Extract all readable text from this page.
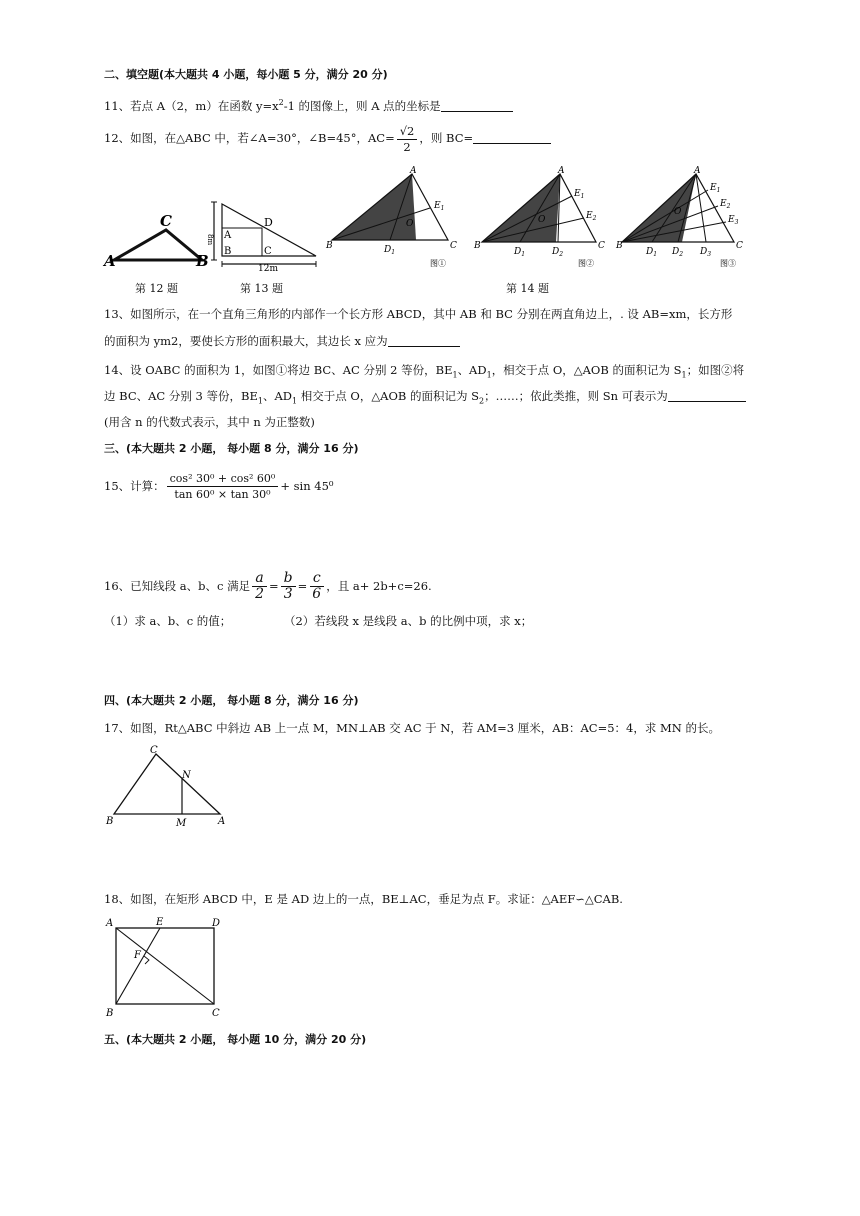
二、填空题(本大题共 4 小题，每小题 5 分，满分 20 分)
11、若点 A（2，m）在函数 $y=x^2-1$ 的图像上，则 A 点的坐标是
12、如图，在△ABC 中，若∠A=30°，∠B=45°，$AC= \frac{√2}{2}$ ，则 BC=
A
C
B
第 12 题
D
A
B	C
8m
12m
第 13 题
A
B	C
O
$E_1$
$D_1$
图①
A
B	C
O
$E_1$
$E_2$
$D_1$	$D_2$
图②
第 14 题
A
B	C
O
$E_1$
$E_2$
$E_3$
$D_1$ $D_2$ $D_3$
图③
13、如图所示，在一个直角三角形的内部作一个长方形 ABCD，其中 AB 和 BC 分别在两直角边上，. 设 AB=xm，长方形
的面积为 ym2，要使长方形的面积最大，其边长 x 应为
14、设 OABC 的面积为 1，如图①将边 BC、AC 分别 2 等份，$BE_1$、$AD_1$，相交于点 O，△AOB 的面积记为 $S_1$；如图②将
边 BC、AC 分别 3 等份，$BE_1$、$AD_1$ 相交于点 O，△AOB 的面积记为 $S_2$；……；依此类推，则 Sn 可表示为
(用含 n 的代数式表示，其中 n 为正整数)
三、(本大题共 2 小题， 每小题 8 分，满分 16 分)
15、计算： $\frac{\text{cos² 30⁰ + cos² 60⁰}}{\text{tan 60⁰ × tan 30⁰}} + \sin 45^0$
16、已知线段 a、b、c 满足 $\frac{a}{2} = \frac{b}{3} = \frac{c}{6}$ ，且 a+ 2b+c=26.
（1）求 a、b、c 的值；	（2）若线段 x 是线段 a、b 的比例中项，求 x；
四、(本大题共 2 小题， 每小题 8 分，满分 16 分)
17、如图，Rt△ABC 中斜边 AB 上一点 M，MN⊥AB 交 AC 于 N，若 AM=3 厘米，AB：AC=5：4，求 MN 的长。
B
C
N
M	A
18、如图，在矩形 ABCD 中，E 是 AD 边上的一点，BE⊥AC，垂足为点 F。求证：△AEF∽△CAB.
A	E	D
F
B	C
五、(本大题共 2 小题， 每小题 10 分，满分 20 分)
